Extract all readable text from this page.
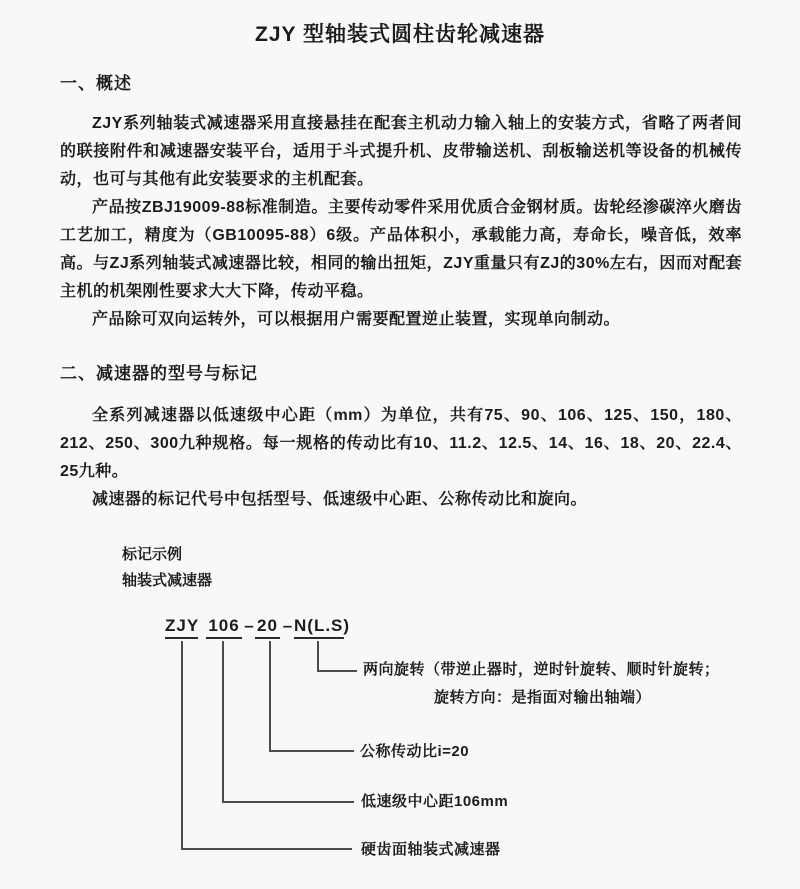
ZJY 型轴装式圆柱齿轮减速器
一、概述

ZJY系列轴装式减速器采用直接悬挂在配套主机动力输入轴上的安装方式，省略了两者间的联接附件和减速器安装平台，适用于斗式提升机、皮带输送机、刮板输送机等设备的机械传动，也可与其他有此安装要求的主机配套。

产品按ZBJ19009-88标准制造。主要传动零件采用优质合金钢材质。齿轮经渗碳淬火磨齿工艺加工，精度为（GB10095-88）6级。产品体积小，承载能力高，寿命长，噪音低，效率高。与ZJ系列轴装式减速器比较，相同的输出扭矩，ZJY重量只有ZJ的30%左右，因而对配套主机的机架刚性要求大大下降，传动平稳。

产品除可双向运转外，可以根据用户需要配置逆止装置，实现单向制动。

二、减速器的型号与标记

全系列减速器以低速级中心距（mm）为单位，共有75、90、106、125、150，180、212、250、300九种规格。每一规格的传动比有10、11.2、12.5、14、16、18、20、22.4、25九种。

减速器的标记代号中包括型号、低速级中心距、公称传动比和旋向。

标记示例
轴装式减速器
ZJY 106 – 20 – N(L.S)
两向旋转（带逆止器时，逆时针旋转、顺时针旋转；
旋转方向：是指面对输出轴端）
公称传动比i=20
低速级中心距106mm
硬齿面轴装式减速器
